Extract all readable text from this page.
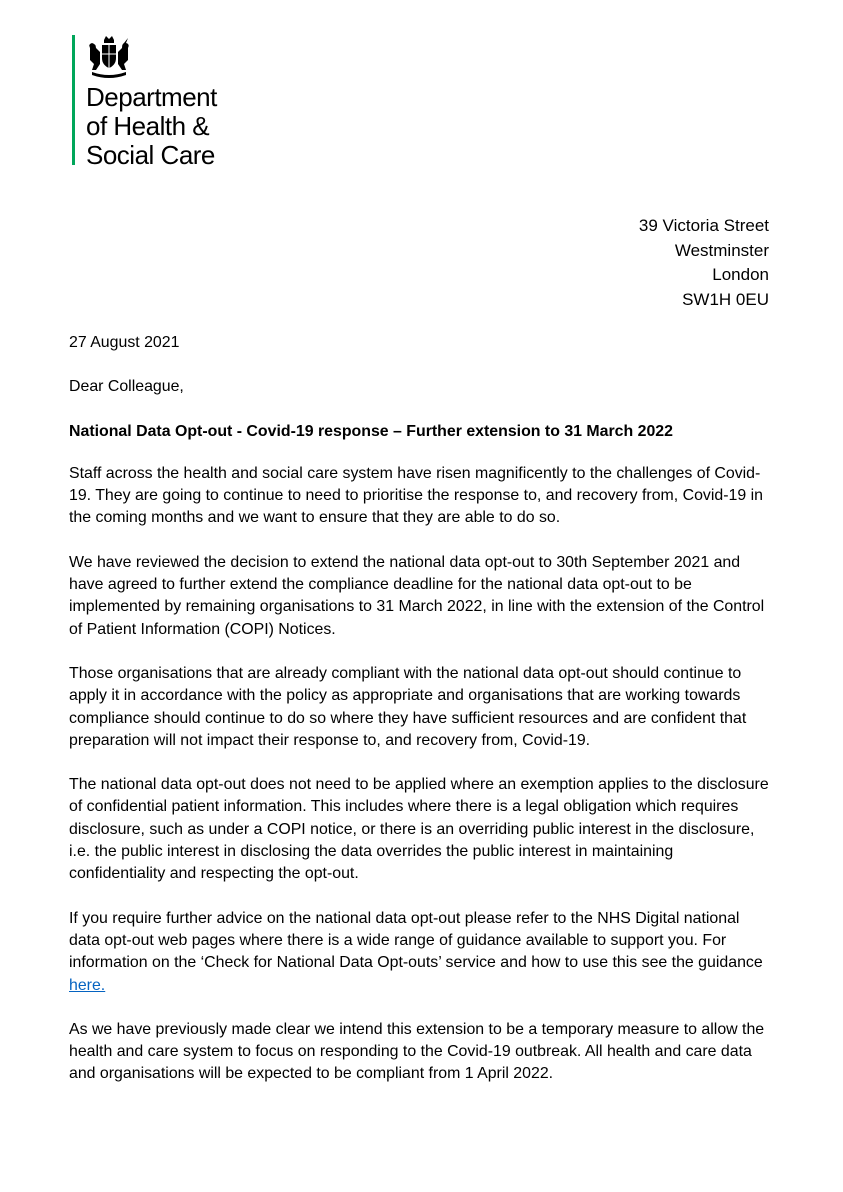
Department
of Health &
Social Care
39 Victoria Street
Westminster
London
SW1H 0EU

27 August 2021

Dear Colleague,

National Data Opt-out - Covid-19 response – Further extension to 31 March 2022

Staff across the health and social care system have risen magnificently to the challenges of Covid-19. They are going to continue to need to prioritise the response to, and recovery from, Covid-19 in the coming months and we want to ensure that they are able to do so.

We have reviewed the decision to extend the national data opt-out to 30th September 2021 and have agreed to further extend the compliance deadline for the national data opt-out to be implemented by remaining organisations to 31 March 2022, in line with the extension of the Control of Patient Information (COPI) Notices.

Those organisations that are already compliant with the national data opt-out should continue to apply it in accordance with the policy as appropriate and organisations that are working towards compliance should continue to do so where they have sufficient resources and are confident that preparation will not impact their response to, and recovery from, Covid-19.

The national data opt-out does not need to be applied where an exemption applies to the disclosure of confidential patient information. This includes where there is a legal obligation which requires disclosure, such as under a COPI notice, or there is an overriding public interest in the disclosure, i.e. the public interest in disclosing the data overrides the public interest in maintaining confidentiality and respecting the opt-out.

If you require further advice on the national data opt-out please refer to the NHS Digital national data opt-out web pages where there is a wide range of guidance available to support you. For information on the ‘Check for National Data Opt-outs’ service and how to use this see the guidance here.

As we have previously made clear we intend this extension to be a temporary measure to allow the health and care system to focus on responding to the Covid-19 outbreak. All health and care data and organisations will be expected to be compliant from 1 April 2022.
